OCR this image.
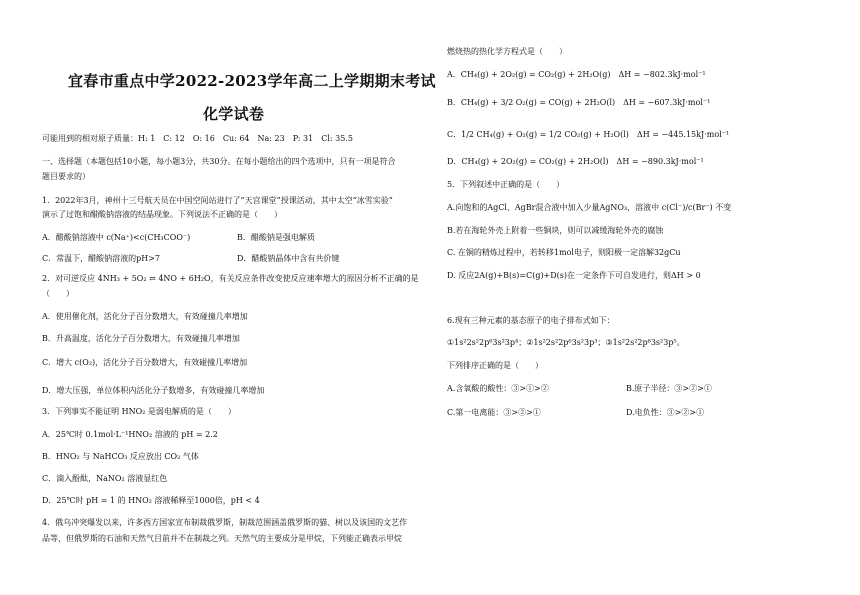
宜春市重点中学2022-2023学年高二上学期期末考试
化学试卷
可能用到的相对原子质量：H: 1　C: 12　O: 16　Cu: 64　Na: 23　P: 31　Cl: 35.5
一、选择题（本题包括10小题，每小题3分，共30分。在每小题给出的四个选项中，只有一项是符合
题目要求的）
1．2022年3月，神州十三号航天员在中国空间站进行了“天宫课堂”授课活动，其中太空“冰雪实验”
演示了过饱和醋酸钠溶液的结晶现象。下列说法不正确的是（　　）
A．醋酸钠溶液中 c(Na⁺)<c(CH₃COO⁻)	B．醋酸钠是强电解质
C．常温下，醋酸钠溶液的pH>7	D．醋酸钠晶体中含有共价键
2．对可逆反应 4NH₃ + 5O₂ ⇌ 4NO + 6H₂O，有关反应条件改变使反应速率增大的原因分析不正确的是
（　　）
A．使用催化剂，活化分子百分数增大，有效碰撞几率增加
B．升高温度，活化分子百分数增大，有效碰撞几率增加
C．增大 c(O₂)，活化分子百分数增大，有效碰撞几率增加
D．增大压强，单位体积内活化分子数增多，有效碰撞几率增加
3．下列事实不能证明 HNO₂ 是弱电解质的是（　　）
A．25℃时 0.1mol·L⁻¹HNO₂ 溶液的 pH = 2.2
B．HNO₂ 与 NaHCO₃ 反应放出 CO₂ 气体
C．滴入酚酞，NaNO₂ 溶液显红色
D．25℃时 pH = 1 的 HNO₂ 溶液稀释至1000倍，pH < 4
4．俄乌冲突爆发以来，许多西方国家宣布制裁俄罗斯，制裁范围涵盖俄罗斯的猫、树以及该国的文艺作
品等，但俄罗斯的石油和天然气目前并不在制裁之列。天然气的主要成分是甲烷，下列能正确表示甲烷
燃烧热的热化学方程式是（　　）
A．CH₄(g) + 2O₂(g) = CO₂(g) + 2H₂O(g)　ΔH = −802.3kJ·mol⁻¹
B．CH₄(g) + 3/2 O₂(g) = CO(g) + 2H₂O(l)　ΔH = −607.3kJ·mol⁻¹
C．1/2 CH₄(g) + O₂(g) = 1/2 CO₂(g) + H₂O(l)　ΔH = −445.15kJ·mol⁻¹
D．CH₄(g) + 2O₂(g) = CO₂(g) + 2H₂O(l)　ΔH = −890.3kJ·mol⁻¹
5．下列叙述中正确的是（　　）
A.向饱和的AgCl、AgBr混合液中加入少量AgNO₃，溶液中 c(Cl⁻)/c(Br⁻) 不变
B.若在海轮外壳上附着一些铜块，则可以减缓海轮外壳的腐蚀
C. 在铜的精炼过程中，若转移1mol电子，则阳极一定溶解32gCu
D. 反应2A(g)+B(s)=C(g)+D(s)在一定条件下可自发进行，则ΔH > 0
6.现有三种元素的基态原子的电子排布式如下：
①1s²2s²2p⁶3s²3p⁴；②1s²2s²2p⁶3s²3p³；③1s²2s²2p⁶3s²3p⁵。
下列排序正确的是（　　）
A.含氧酸的酸性：③>①>②	B.原子半径：③>②>①
C.第一电离能：③>②>①	D.电负性：③>②>①
